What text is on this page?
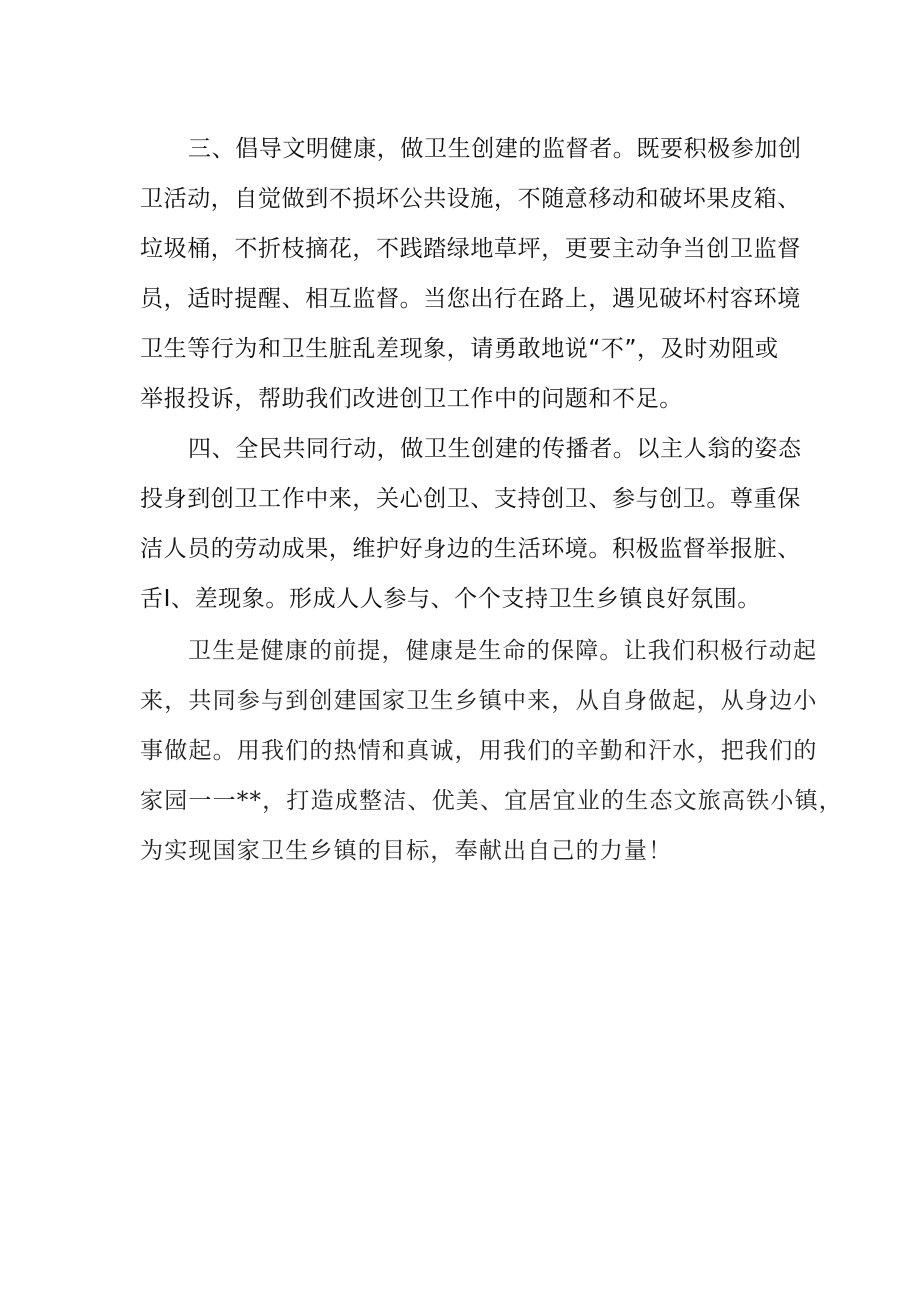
三、倡导文明健康，做卫生创建的监督者。既要积极参加创
卫活动，自觉做到不损坏公共设施，不随意移动和破坏果皮箱、
垃圾桶，不折枝摘花，不践踏绿地草坪，更要主动争当创卫监督
员，适时提醒、相互监督。当您出行在路上，遇见破坏村容环境
卫生等行为和卫生脏乱差现象，请勇敢地说“不”，及时劝阻或
举报投诉，帮助我们改进创卫工作中的问题和不足。
四、全民共同行动，做卫生创建的传播者。以主人翁的姿态
投身到创卫工作中来，关心创卫、支持创卫、参与创卫。尊重保
洁人员的劳动成果，维护好身边的生活环境。积极监督举报脏、
舌I、差现象。形成人人参与、个个支持卫生乡镇良好氛围。
卫生是健康的前提，健康是生命的保障。让我们积极行动起
来，共同参与到创建国家卫生乡镇中来，从自身做起，从身边小
事做起。用我们的热情和真诚，用我们的辛勤和汗水，把我们的
家园一一**，打造成整洁、优美、宜居宜业的生态文旅高铁小镇，
为实现国家卫生乡镇的目标，奉献出自己的力量！
